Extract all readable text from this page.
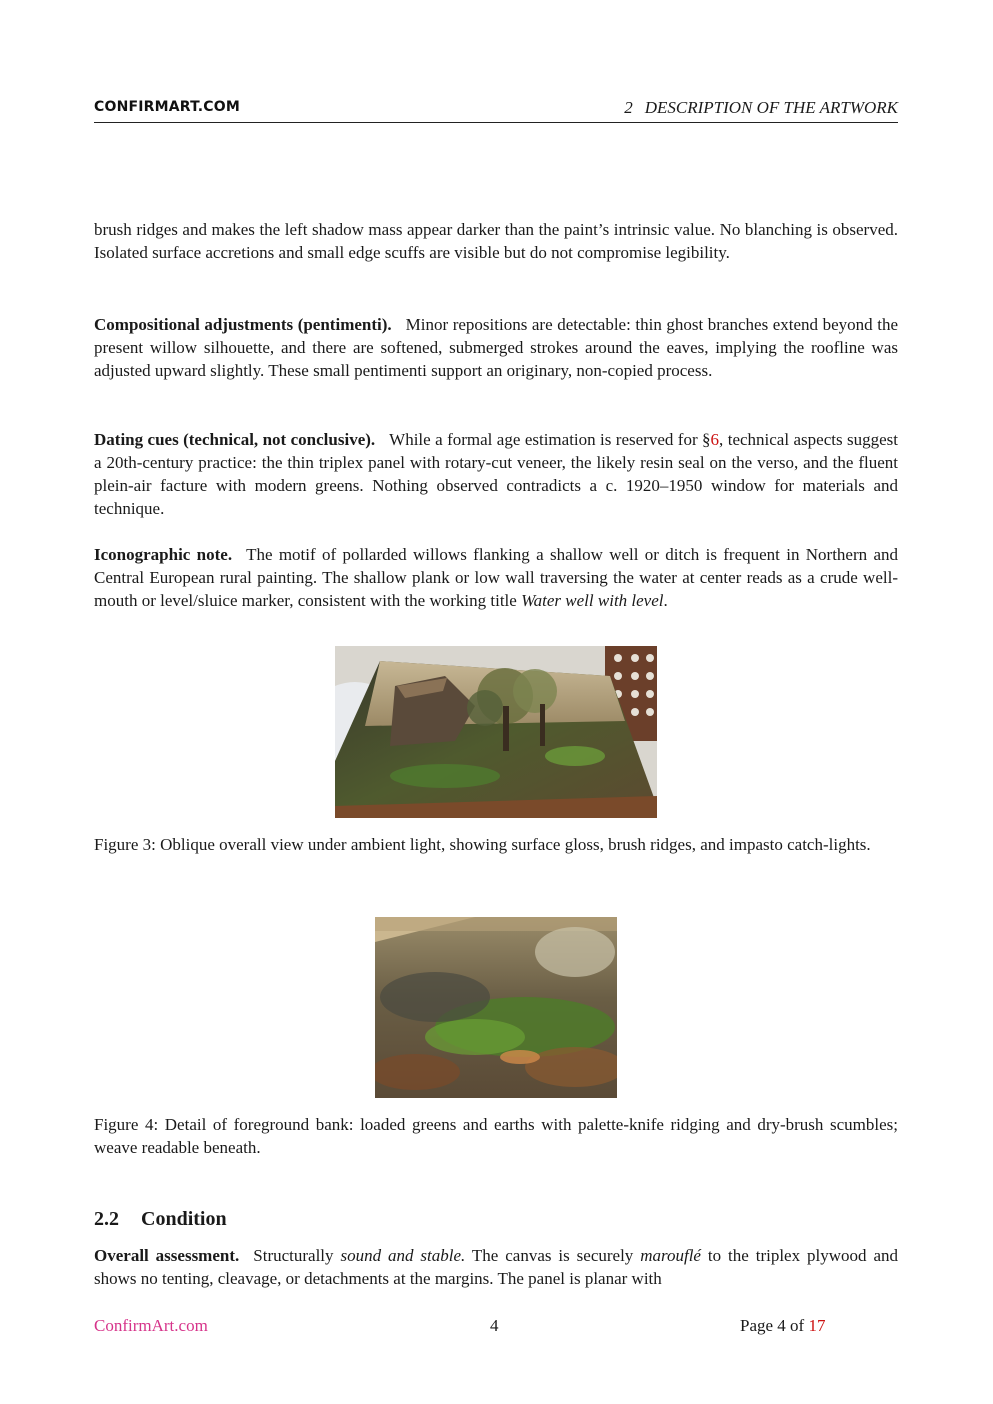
CONFIRMART.COM	2 DESCRIPTION OF THE ARTWORK

brush ridges and makes the left shadow mass appear darker than the paint’s intrinsic value. No blanching is observed. Isolated surface accretions and small edge scuffs are visible but do not compromise legibility.

Compositional adjustments (pentimenti). Minor repositions are detectable: thin ghost branches extend beyond the present willow silhouette, and there are softened, submerged strokes around the eaves, implying the roofline was adjusted upward slightly. These small pentimenti support an originary, non-copied process.

Dating cues (technical, not conclusive). While a formal age estimation is reserved for §6, technical aspects suggest a 20th-century practice: the thin triplex panel with rotary-cut veneer, the likely resin seal on the verso, and the fluent plein-air facture with modern greens. Nothing observed contradicts a c. 1920–1950 window for materials and technique.

Iconographic note. The motif of pollarded willows flanking a shallow well or ditch is frequent in Northern and Central European rural painting. The shallow plank or low wall traversing the water at center reads as a crude well-mouth or level/sluice marker, consistent with the working title Water well with level.

Figure 3: Oblique overall view under ambient light, showing surface gloss, brush ridges, and impasto catch-lights.
Figure 4: Detail of foreground bank: loaded greens and earths with palette-knife ridging and dry-brush scumbles; weave readable beneath.
2.2 Condition

Overall assessment. Structurally sound and stable. The canvas is securely marouflé to the triplex plywood and shows no tenting, cleavage, or detachments at the margins. The panel is planar with

ConfirmArt.com	4	Page 4 of 17
